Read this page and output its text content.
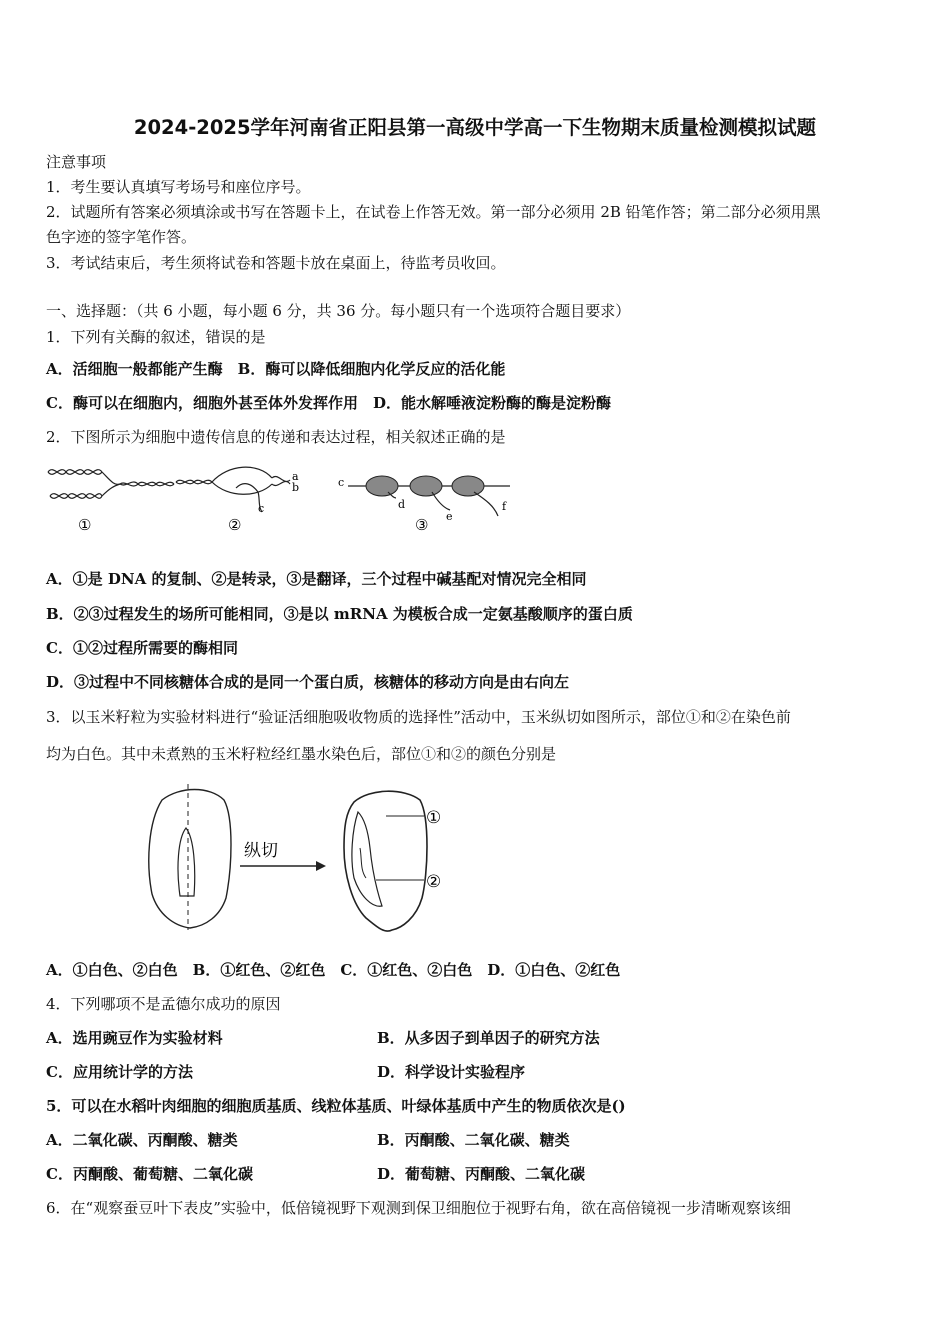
2024-2025学年河南省正阳县第一高级中学高一下生物期末质量检测模拟试题
注意事项
1．考生要认真填写考场号和座位序号。
2．试题所有答案必须填涂或书写在答题卡上，在试卷上作答无效。第一部分必须用 2B 铅笔作答；第二部分必须用黑
色字迹的签字笔作答。
3．考试结束后，考生须将试卷和答题卡放在桌面上，待监考员收回。
一、选择题：（共 6 小题，每小题 6 分，共 36 分。每小题只有一个选项符合题目要求）
1．下列有关酶的叙述，错误的是
A．活细胞一般都能产生酶　B．酶可以降低细胞内化学反应的活化能
C．酶可以在细胞内，细胞外甚至体外发挥作用　D．能水解唾液淀粉酶的酶是淀粉酶
2．下图所示为细胞中遗传信息的传递和表达过程，相关叙述正确的是
①
a
b
c
②
c
d
e
f
③
A．①是 DNA 的复制、②是转录，③是翻译，三个过程中碱基配对情况完全相同
B．②③过程发生的场所可能相同，③是以 mRNA 为模板合成一定氨基酸顺序的蛋白质
C．①②过程所需要的酶相同
D．③过程中不同核糖体合成的是同一个蛋白质，核糖体的移动方向是由右向左
3．以玉米籽粒为实验材料进行“验证活细胞吸收物质的选择性”活动中，玉米纵切如图所示，部位①和②在染色前
均为白色。其中未煮熟的玉米籽粒经红墨水染色后，部位①和②的颜色分别是
纵切
①
②
A．①白色、②白色　B．①红色、②红色　C．①红色、②白色　D．①白色、②红色
4．下列哪项不是孟德尔成功的原因
A．选用豌豆作为实验材料	B．从多因子到单因子的研究方法
C．应用统计学的方法	D．科学设计实验程序
5．可以在水稻叶肉细胞的细胞质基质、线粒体基质、叶绿体基质中产生的物质依次是()
A．二氧化碳、丙酮酸、糖类	B．丙酮酸、二氧化碳、糖类
C．丙酮酸、葡萄糖、二氧化碳	D．葡萄糖、丙酮酸、二氧化碳
6．在“观察蚕豆叶下表皮”实验中，低倍镜视野下观测到保卫细胞位于视野右角，欲在高倍镜视一步清晰观察该细
